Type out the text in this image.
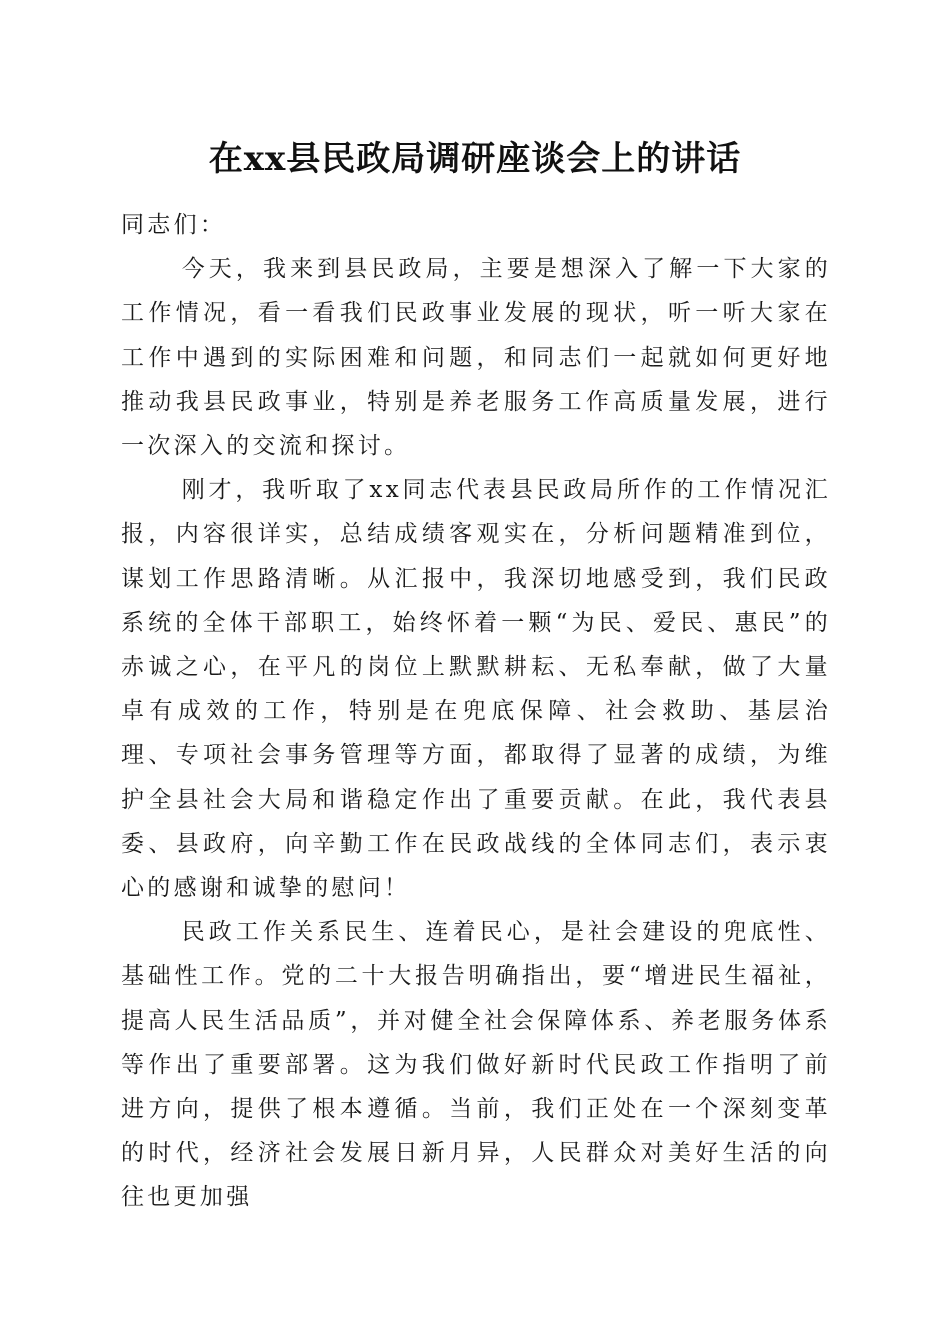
在xx县民政局调研座谈会上的讲话

同志们：

今天，我来到县民政局，主要是想深入了解一下大家的工作情况，看一看我们民政事业发展的现状，听一听大家在工作中遇到的实际困难和问题，和同志们一起就如何更好地推动我县民政事业，特别是养老服务工作高质量发展，进行一次深入的交流和探讨。

刚才，我听取了xx同志代表县民政局所作的工作情况汇报，内容很详实，总结成绩客观实在，分析问题精准到位，谋划工作思路清晰。从汇报中，我深切地感受到，我们民政系统的全体干部职工，始终怀着一颗“为民、爱民、惠民”的赤诚之心，在平凡的岗位上默默耕耘、无私奉献，做了大量卓有成效的工作，特别是在兜底保障、社会救助、基层治理、专项社会事务管理等方面，都取得了显著的成绩，为维护全县社会大局和谐稳定作出了重要贡献。在此，我代表县委、县政府，向辛勤工作在民政战线的全体同志们，表示衷心的感谢和诚挚的慰问！

民政工作关系民生、连着民心，是社会建设的兜底性、基础性工作。党的二十大报告明确指出，要“增进民生福祉，提高人民生活品质”，并对健全社会保障体系、养老服务体系等作出了重要部署。这为我们做好新时代民政工作指明了前进方向，提供了根本遵循。当前，我们正处在一个深刻变革的时代，经济社会发展日新月异，人民群众对美好生活的向往也更加强
